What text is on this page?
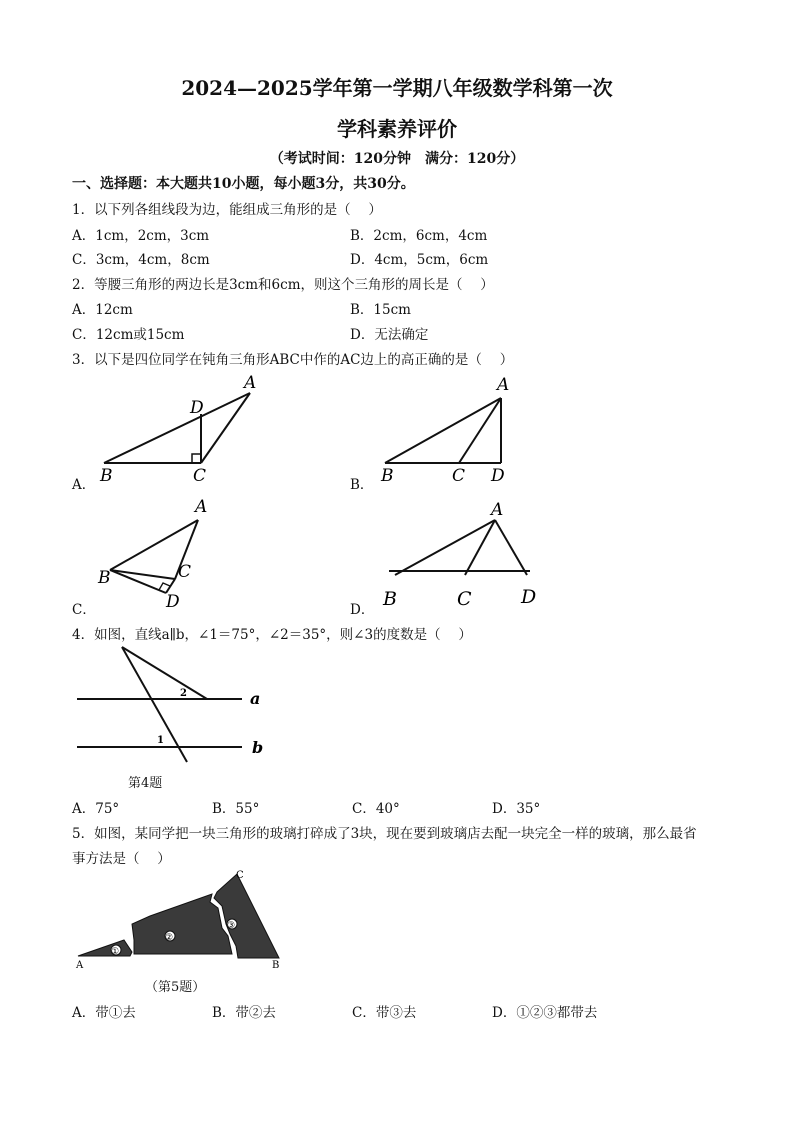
2024—2025学年第一学期八年级数学科第一次
学科素养评价
（考试时间：120分钟　满分：120分）
一、选择题：本大题共10小题，每小题3分，共30分。
1．以下列各组线段为边，能组成三角形的是（　 ）
A．1cm，2cm，3cm	B．2cm，6cm，4cm
C．3cm，4cm，8cm	D．4cm，5cm，6cm
2．等腰三角形的两边长是3cm和6cm，则这个三角形的周长是（　 ）
A．12cm	B．15cm
C．12cm或15cm	D．无法确定
3．以下是四位同学在钝角三角形ABC中作的AC边上的高正确的是（　 ）
A
B	C
D
A．
A
B	C D
B．
A
B	C
D
C．
A
B	C	D
D．
4．如图，直线a∥b，∠1＝75°，∠2＝35°，则∠3的度数是（　 ）
a
b
1
2
第4题
A．75°	B．55°	C．40°	D．35°
5．如图，某同学把一块三角形的玻璃打碎成了3块，现在要到玻璃店去配一块完全一样的玻璃，那么最省
事方法是（　 ）
①
②
③
A	B
C
（第5题）
A．带①去	B．带②去	C．带③去	D．①②③都带去
